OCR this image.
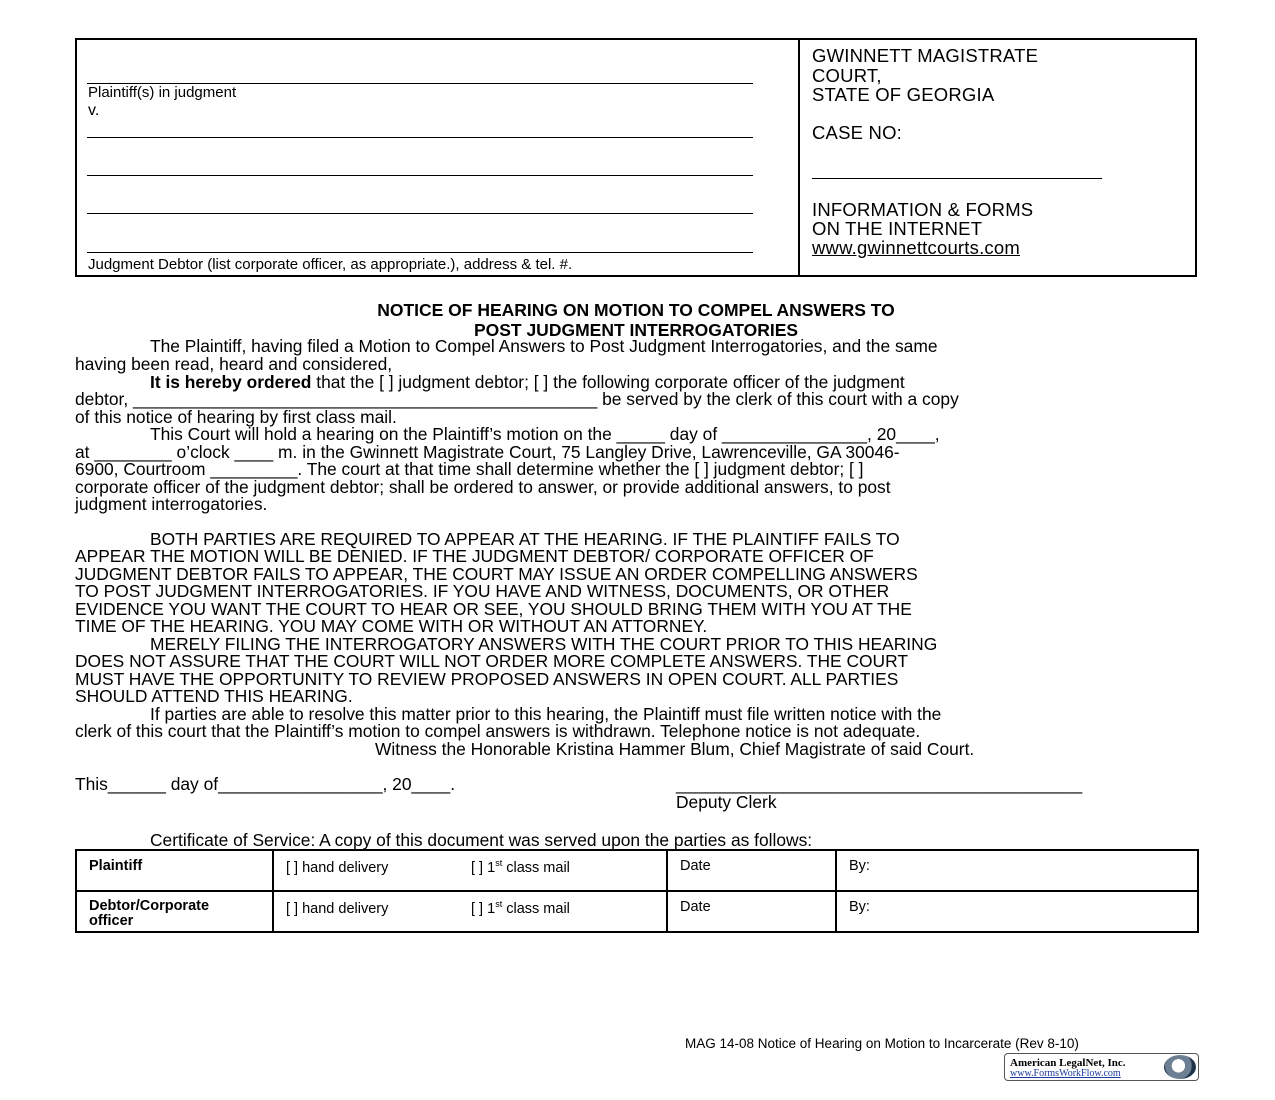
Plaintiff(s) in judgment
v.
Judgment Debtor (list corporate officer, as appropriate.), address & tel. #.
GWINNETT MAGISTRATE
COURT,
STATE OF GEORGIA
CASE NO:
INFORMATION & FORMS
ON THE INTERNET
www.gwinnettcourts.com
NOTICE OF HEARING ON MOTION TO COMPEL ANSWERS TO
POST JUDGMENT INTERROGATORIES
The Plaintiff, having filed a Motion to Compel Answers to Post Judgment Interrogatories, and the same
having been read, heard and considered,
It is hereby ordered that the [ ] judgment debtor; [ ] the following corporate officer of the judgment
debtor, ________________________________________________ be served by the clerk of this court with a copy
of this notice of hearing by first class mail.
This Court will hold a hearing on the Plaintiff’s motion on the _____ day of _______________, 20____,
at ________ o’clock ____ m. in the Gwinnett Magistrate Court, 75 Langley Drive, Lawrenceville, GA 30046-
6900, Courtroom _________. The court at that time shall determine whether the [ ] judgment debtor; [ ]
corporate officer of the judgment debtor; shall be ordered to answer, or provide additional answers, to post
judgment interrogatories.
BOTH PARTIES ARE REQUIRED TO APPEAR AT THE HEARING. IF THE PLAINTIFF FAILS TO
APPEAR THE MOTION WILL BE DENIED. IF THE JUDGMENT DEBTOR/ CORPORATE OFFICER OF
JUDGMENT DEBTOR FAILS TO APPEAR, THE COURT MAY ISSUE AN ORDER COMPELLING ANSWERS
TO POST JUDGMENT INTERROGATORIES. IF YOU HAVE AND WITNESS, DOCUMENTS, OR OTHER
EVIDENCE YOU WANT THE COURT TO HEAR OR SEE, YOU SHOULD BRING THEM WITH YOU AT THE
TIME OF THE HEARING. YOU MAY COME WITH OR WITHOUT AN ATTORNEY.
MERELY FILING THE INTERROGATORY ANSWERS WITH THE COURT PRIOR TO THIS HEARING
DOES NOT ASSURE THAT THE COURT WILL NOT ORDER MORE COMPLETE ANSWERS. THE COURT
MUST HAVE THE OPPORTUNITY TO REVIEW PROPOSED ANSWERS IN OPEN COURT. ALL PARTIES
SHOULD ATTEND THIS HEARING.
If parties are able to resolve this matter prior to this hearing, the Plaintiff must file written notice with the
clerk of this court that the Plaintiff’s motion to compel answers is withdrawn. Telephone notice is not adequate.
Witness the Honorable Kristina Hammer Blum, Chief Magistrate of said Court.
This______ day of_________________, 20____.	__________________________________________
Deputy Clerk
Certificate of Service: A copy of this document was served upon the parties as follows:
Plaintiff	[ ] hand delivery [ ] 1st class mail	Date	By:

Debtor/Corporate officer	[ ] hand delivery [ ] 1st class mail	Date	By:
MAG 14-08 Notice of Hearing on Motion to Incarcerate (Rev 8-10)
American LegalNet, Inc.
www.FormsWorkFlow.com
